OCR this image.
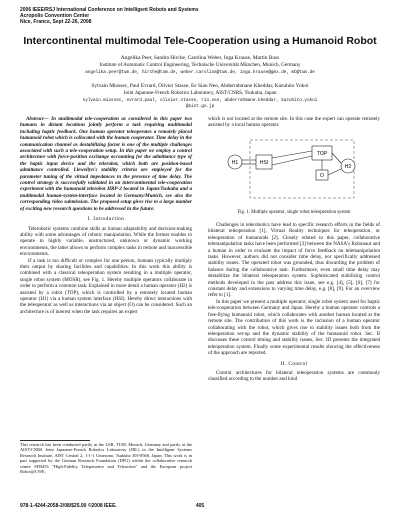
2006 IEEE/RSJ International Conference on Intelligent Robots and Systems
Acropolis Convention Center
Nice, France, Sept 22-26, 2008
Intercontinental multimodal Tele-Cooperation using a Humanoid Robot
Angelika Peer, Sandra Hirche, Carolina Weber, Inga Krause, Martin Buss
Institute of Automatic Control Engineering, Technische Universität München, Munich, Germany
angelika.peer@tum.de, hirche@tum.de, weber.carolina@tum.de, inga.krause@gmx.de, mb@tum.de
Sylvain Miossec, Paul Evrard, Olivier Stasse, Ee Sian Neo, Abderrahmane Kheddar, Kazuhito Yokoi
Joint Japanese-French Robotics Laboratory, AIST/CNRS, Tsukuba, Japan
sylvain.miossec, evrard.paul, olivier.stasse, rio.neo, abderrahmane.kheddar, kazuhito.yokoi
@aist.go.jp

Abstract— In multimodal tele-cooperation as considered in this paper two humans in distant locations jointly perform a task requiring multimodal including haptic feedback. One human operator teleoperates a remotely placed humanoid robot which is collocated with the human cooperator. Time delay in the communication channel as destabilizing factor is one of the multiple challenges associated with such a tele-cooperation setup. In this paper we employ a control architecture with force-position exchange accounting for the admittance type of the haptic input device and the telerobot, which both are position-based admittance controlled. Llewellyn's stability criteria are employed for the parameter tuning of the virtual impedances in the presence of time delay. The control strategy is successfully validated in an intercontinental tele-cooperation experiment with the humanoid telerobot HRP-2 located in Japan/Tsukuba and a multimodal human-system-interface located in Germany/Munich, see also the corresponding video submission. The proposed setup gives rise to a large number of exciting new research questions to be addressed in the future.

I. Introduction

Telerobotic systems combine skills as human adaptability and decision-making ability with some advantages of robotic manipulation. While the former enables to operate in highly variable, unstructured, unknown or dynamic working environments, the latter allows to perform complex tasks in remote and inaccessible environments.

If a task is too difficult or complex for one person, humans typically multiply their output by sharing facilities and capabilities. In this work this ability is combined with a classical teleoperation system resulting in a multiple operator, single robot system (MOSR), see Fig. 1. Hereby multiple operators collaborate in order to perform a common task. Explained in more detail a human operator (H2) is assisted by a robot (TOP), which is controlled by a remotely located human operator (H1) via a human system interface (HSI). Hereby direct interactions with the teleoperator as well as interactions via an object (O) can be considered. Such an architecture is of interest when the task requires an expert

This research has been conducted partly in the LSR, TUM, Munich, Germany and partly at the AIST/CNRS Joint Japanese-French Robotics Laboratory (JRL) in the Intelligent Systems Research Institute, AIST Central 2, 1-1-1 Umezono, Tsukuba 305-8568, Japan. This work is in part supported by the German Research Foundation (DFG) within the collaborative research centre SFB453 "High-Fidelity Telepresence and Teleaction" and the European project Robot@CWE.

which is not located at the remote site. In this case the expert can operate remotely assisted by a local human operator.

H1	HSI
TOP
O
H2
Fig. 1. Multiple operator, single robot teleoperation system

Challenges in telerobotics have lead to specific research efforts in the fields of bilateral teleoperation [1], Virtual Reality techniques for teleoperation, or teleoperation of humanoids [2]. Closely related to this paper, collaborative telemanipulation tasks have been performed [3] between the NASA's Robonaut and a human in order to evaluate the impact of force feedback on telemanipulation tasks. However, authors did not consider time delay, nor specifically addressed stability issues. The operated robot was grounded, thus discarding the problem of balance during the collaborative task. Furthermore, even small time delay may destabilize the bilateral teleoperation system. Sophisticated stabilizing control methods developed in the past address this issue, see e.g. [4], [5], [6], [7] for constant delay and extensions to varying time delay, e.g. [8], [9]. For an overview refer to [1].

In this paper we present a multiple operator, single robot system used for haptic tele-cooperation between Germany and Japan. Hereby a human operator controls a free-flying humanoid robot, which collaborates with another human located at the remote site. The contribution of this work is the inclusion of a human operator collaborating with the robot, which gives rise to stability issues both from the teleoperation set-up and the dynamic stability of the humanoid robot. Sec. II discusses these control timing and stability issues, Sec. III presents the integrated teleoperation system. Finally some experimental results showing the effectiveness of the approach are reported.

II. Control

Control architectures for bilateral teleoperation systems are commonly classified according to the number and kind

978-1-4244-2058-2/08/$25.00 ©2008 IEEE.	405
